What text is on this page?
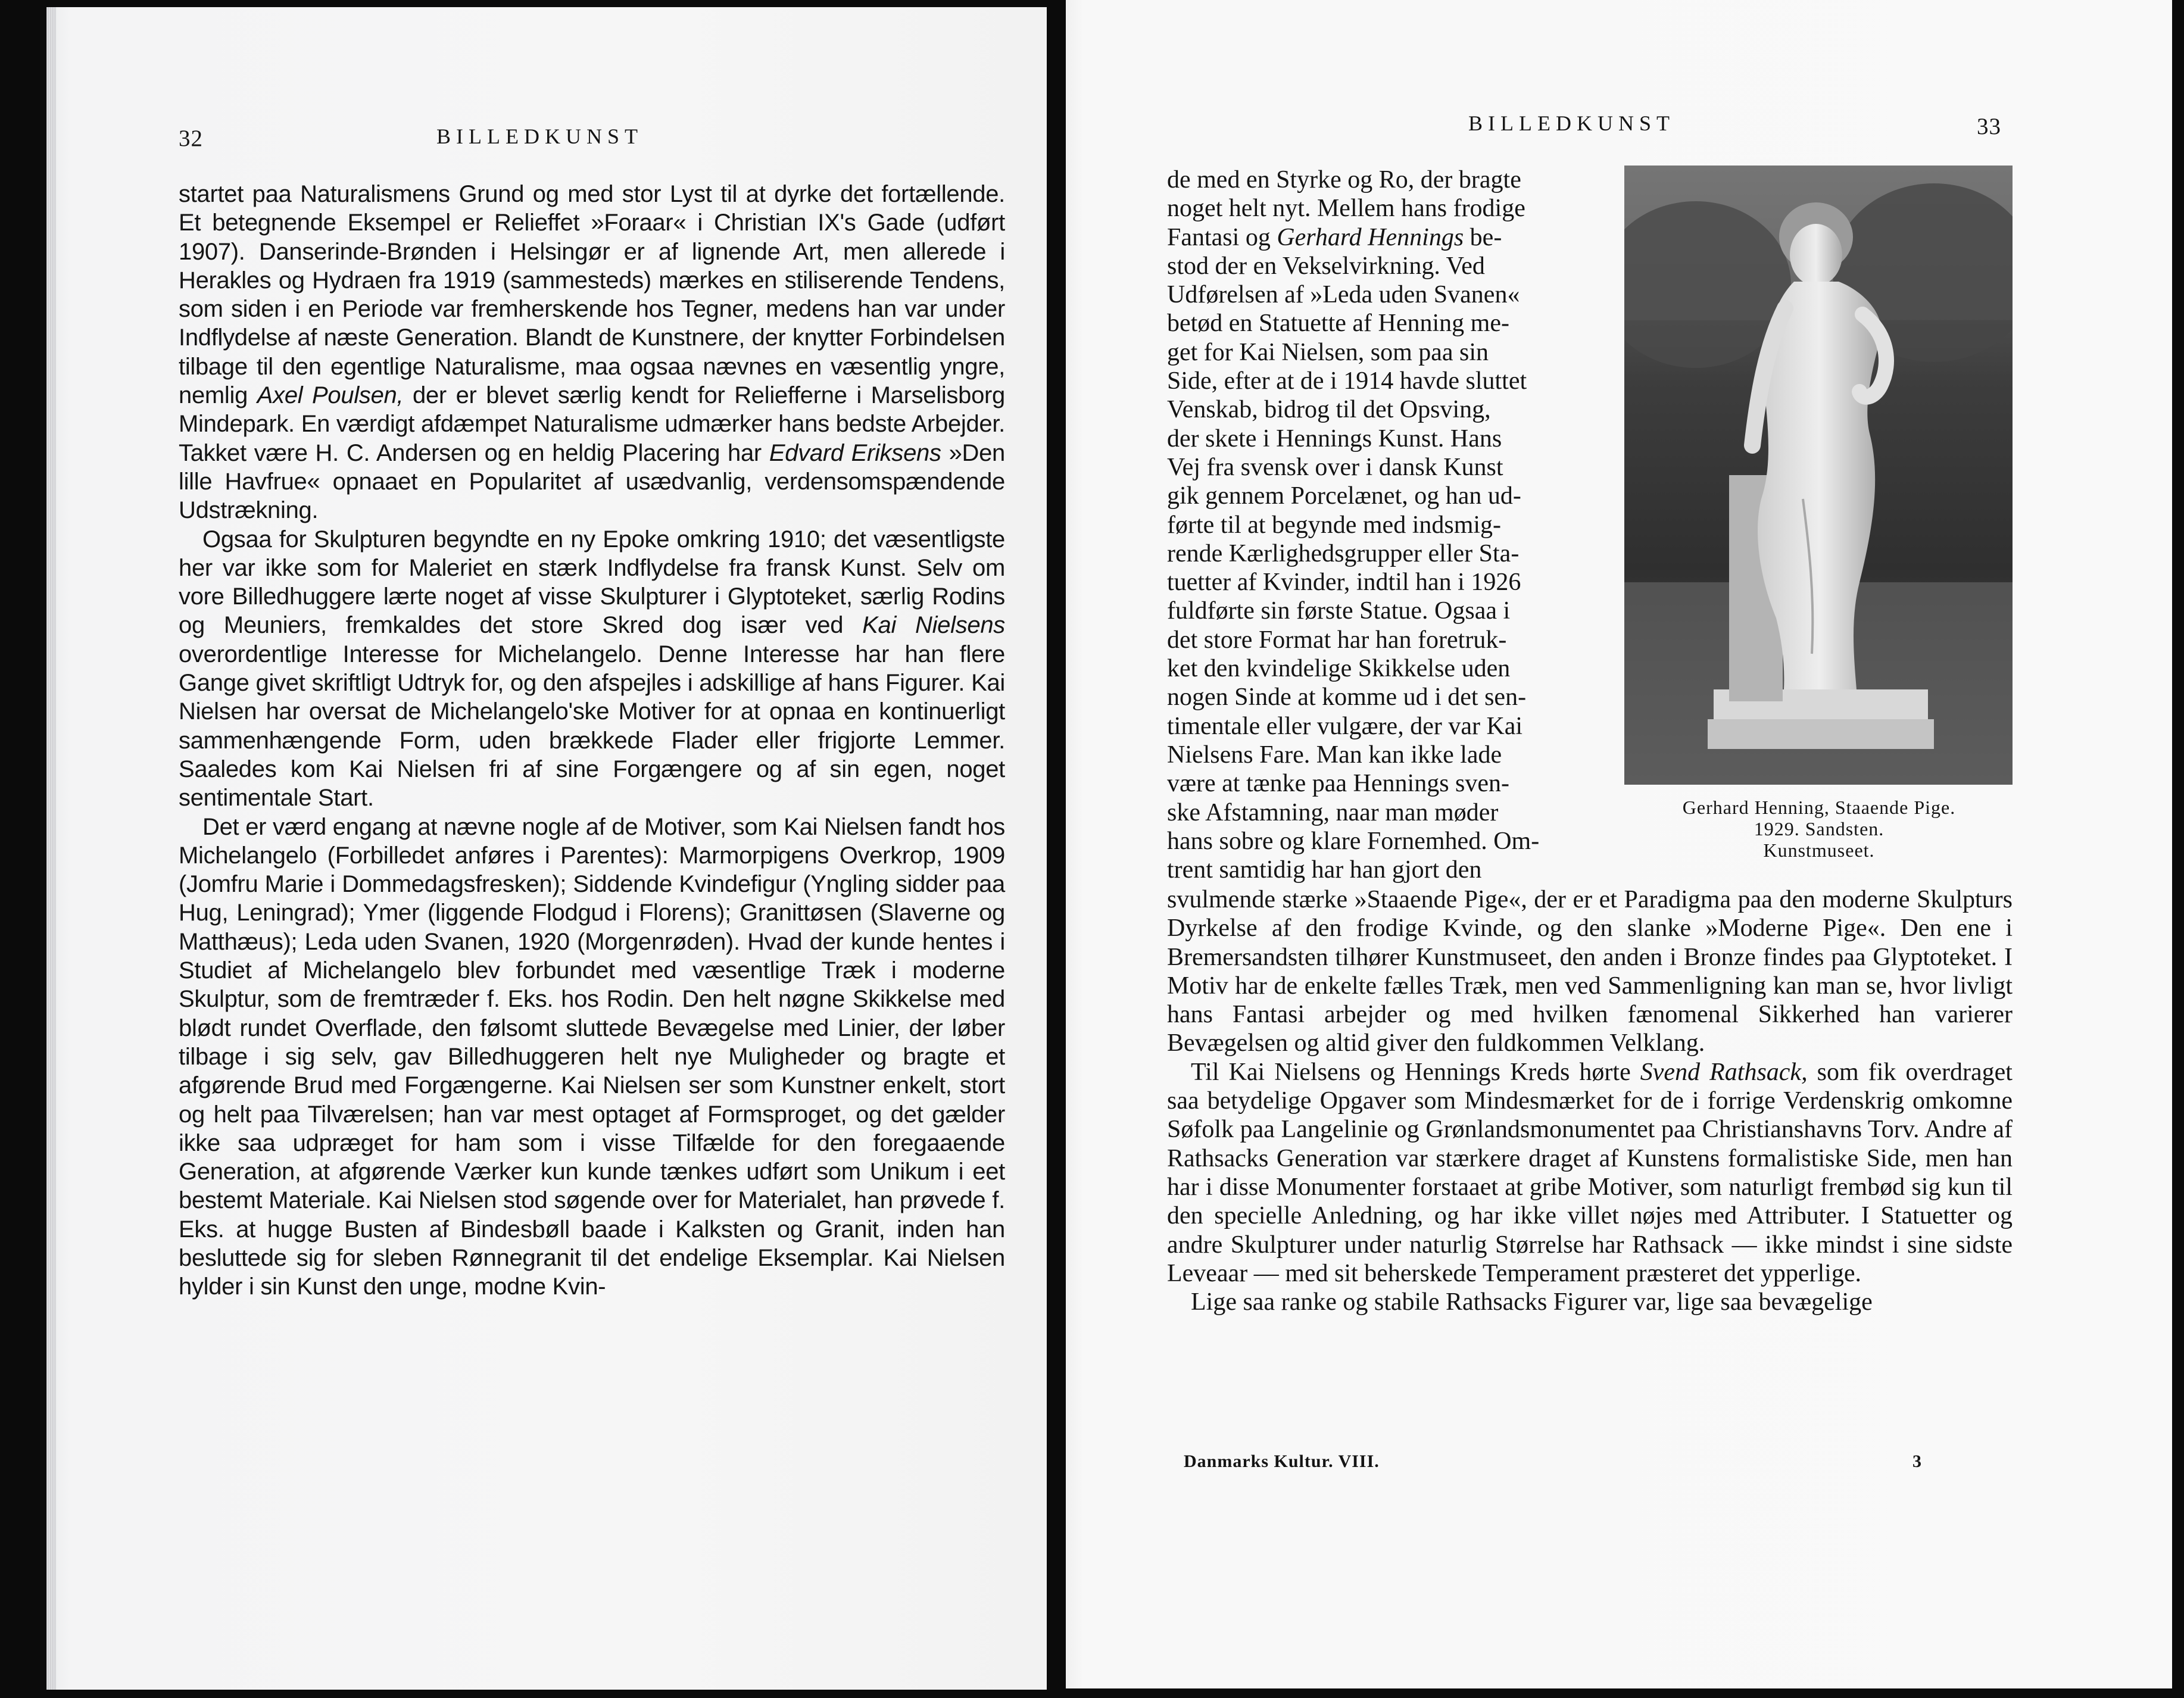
32	BILLEDKUNST

startet paa Naturalismens Grund og med stor Lyst til at dyrke det fortællende. Et betegnende Eksempel er Relieffet »Foraar« i Christian IX's Gade (udført 1907). Danserinde-Brønden i Helsingør er af lignende Art, men allerede i Herakles og Hydraen fra 1919 (sammesteds) mærkes en stiliserende Tendens, som siden i en Periode var fremherskende hos Tegner, medens han var under Indflydelse af næste Generation. Blandt de Kunstnere, der knytter Forbindelsen tilbage til den egentlige Naturalisme, maa ogsaa nævnes en væsentlig yngre, nemlig Axel Poulsen, der er blevet særlig kendt for Reliefferne i Marselisborg Mindepark. En værdigt afdæmpet Naturalisme udmærker hans bedste Arbejder. Takket være H. C. Andersen og en heldig Placering har Edvard Eriksens »Den lille Havfrue« opnaaet en Popularitet af usædvanlig, verdensomspændende Udstrækning.

Ogsaa for Skulpturen begyndte en ny Epoke omkring 1910; det væsentligste her var ikke som for Maleriet en stærk Indflydelse fra fransk Kunst. Selv om vore Billedhuggere lærte noget af visse Skulpturer i Glyptoteket, særlig Rodins og Meuniers, fremkaldes det store Skred dog især ved Kai Nielsens overordentlige Interesse for Michelangelo. Denne Interesse har han flere Gange givet skriftligt Udtryk for, og den afspejles i adskillige af hans Figurer. Kai Nielsen har oversat de Michelangelo'ske Motiver for at opnaa en kontinuerligt sammenhængende Form, uden brækkede Flader eller frigjorte Lemmer. Saaledes kom Kai Nielsen fri af sine Forgængere og af sin egen, noget sentimentale Start.

Det er værd engang at nævne nogle af de Motiver, som Kai Nielsen fandt hos Michelangelo (Forbilledet anføres i Parentes): Marmorpigens Overkrop, 1909 (Jomfru Marie i Dommedagsfresken); Siddende Kvindefigur (Yngling sidder paa Hug, Leningrad); Ymer (liggende Flodgud i Florens); Granittøsen (Slaverne og Matthæus); Leda uden Svanen, 1920 (Morgenrøden). Hvad der kunde hentes i Studiet af Michelangelo blev forbundet med væsentlige Træk i moderne Skulptur, som de fremtræder f. Eks. hos Rodin. Den helt nøgne Skikkelse med blødt rundet Overflade, den følsomt sluttede Bevægelse med Linier, der løber tilbage i sig selv, gav Billedhuggeren helt nye Muligheder og bragte et afgørende Brud med Forgængerne. Kai Nielsen ser som Kunstner enkelt, stort og helt paa Tilværelsen; han var mest optaget af Formsproget, og det gælder ikke saa udpræget for ham som i visse Tilfælde for den foregaaende Generation, at afgørende Værker kun kunde tænkes udført som Unikum i eet bestemt Materiale. Kai Nielsen stod søgende over for Materialet, han prøvede f. Eks. at hugge Busten af Bindesbøll baade i Kalksten og Granit, inden han besluttede sig for sleben Rønnegranit til det endelige Eksemplar. Kai Nielsen hylder i sin Kunst den unge, modne Kvin-

BILLEDKUNST	33
de med en Styrke og Ro, der bragte
noget helt nyt. Mellem hans frodige
Fantasi og Gerhard Hennings be-
stod der en Vekselvirkning. Ved
Udførelsen af »Leda uden Svanen«
betød en Statuette af Henning me-
get for Kai Nielsen, som paa sin
Side, efter at de i 1914 havde sluttet
Venskab, bidrog til det Opsving,
der skete i Hennings Kunst. Hans
Vej fra svensk over i dansk Kunst
gik gennem Porcelænet, og han ud-
førte til at begynde med indsmig-
rende Kærlighedsgrupper eller Sta-
tuetter af Kvinder, indtil han i 1926
fuldførte sin første Statue. Ogsaa i
det store Format har han foretruk-
ket den kvindelige Skikkelse uden
nogen Sinde at komme ud i det sen-
timentale eller vulgære, der var Kai
Nielsens Fare. Man kan ikke lade
være at tænke paa Hennings sven-
ske Afstamning, naar man møder
hans sobre og klare Fornemhed. Om-
trent samtidig har han gjort den
Gerhard Henning, Staaende Pige.
1929. Sandsten.
Kunstmuseet.

svulmende stærke »Staaende Pige«, der er et Paradigma paa den moderne Skulpturs Dyrkelse af den frodige Kvinde, og den slanke »Moderne Pige«. Den ene i Bremersandsten tilhører Kunstmuseet, den anden i Bronze findes paa Glyptoteket. I Motiv har de enkelte fælles Træk, men ved Sammenligning kan man se, hvor livligt hans Fantasi arbejder og med hvilken fænomenal Sikkerhed han varierer Bevægelsen og altid giver den fuldkommen Velklang.

Til Kai Nielsens og Hennings Kreds hørte Svend Rathsack, som fik overdraget saa betydelige Opgaver som Mindesmærket for de i forrige Verdenskrig omkomne Søfolk paa Langelinie og Grønlandsmonumentet paa Christianshavns Torv. Andre af Rathsacks Generation var stærkere draget af Kunstens formalistiske Side, men han har i disse Monumenter forstaaet at gribe Motiver, som naturligt frembød sig kun til den specielle Anledning, og har ikke villet nøjes med Attributer. I Statuetter og andre Skulpturer under naturlig Størrelse har Rathsack — ikke mindst i sine sidste Leveaar — med sit beherskede Temperament præsteret det ypperlige.

Lige saa ranke og stabile Rathsacks Figurer var, lige saa bevægelige

Danmarks Kultur. VIII.	3
